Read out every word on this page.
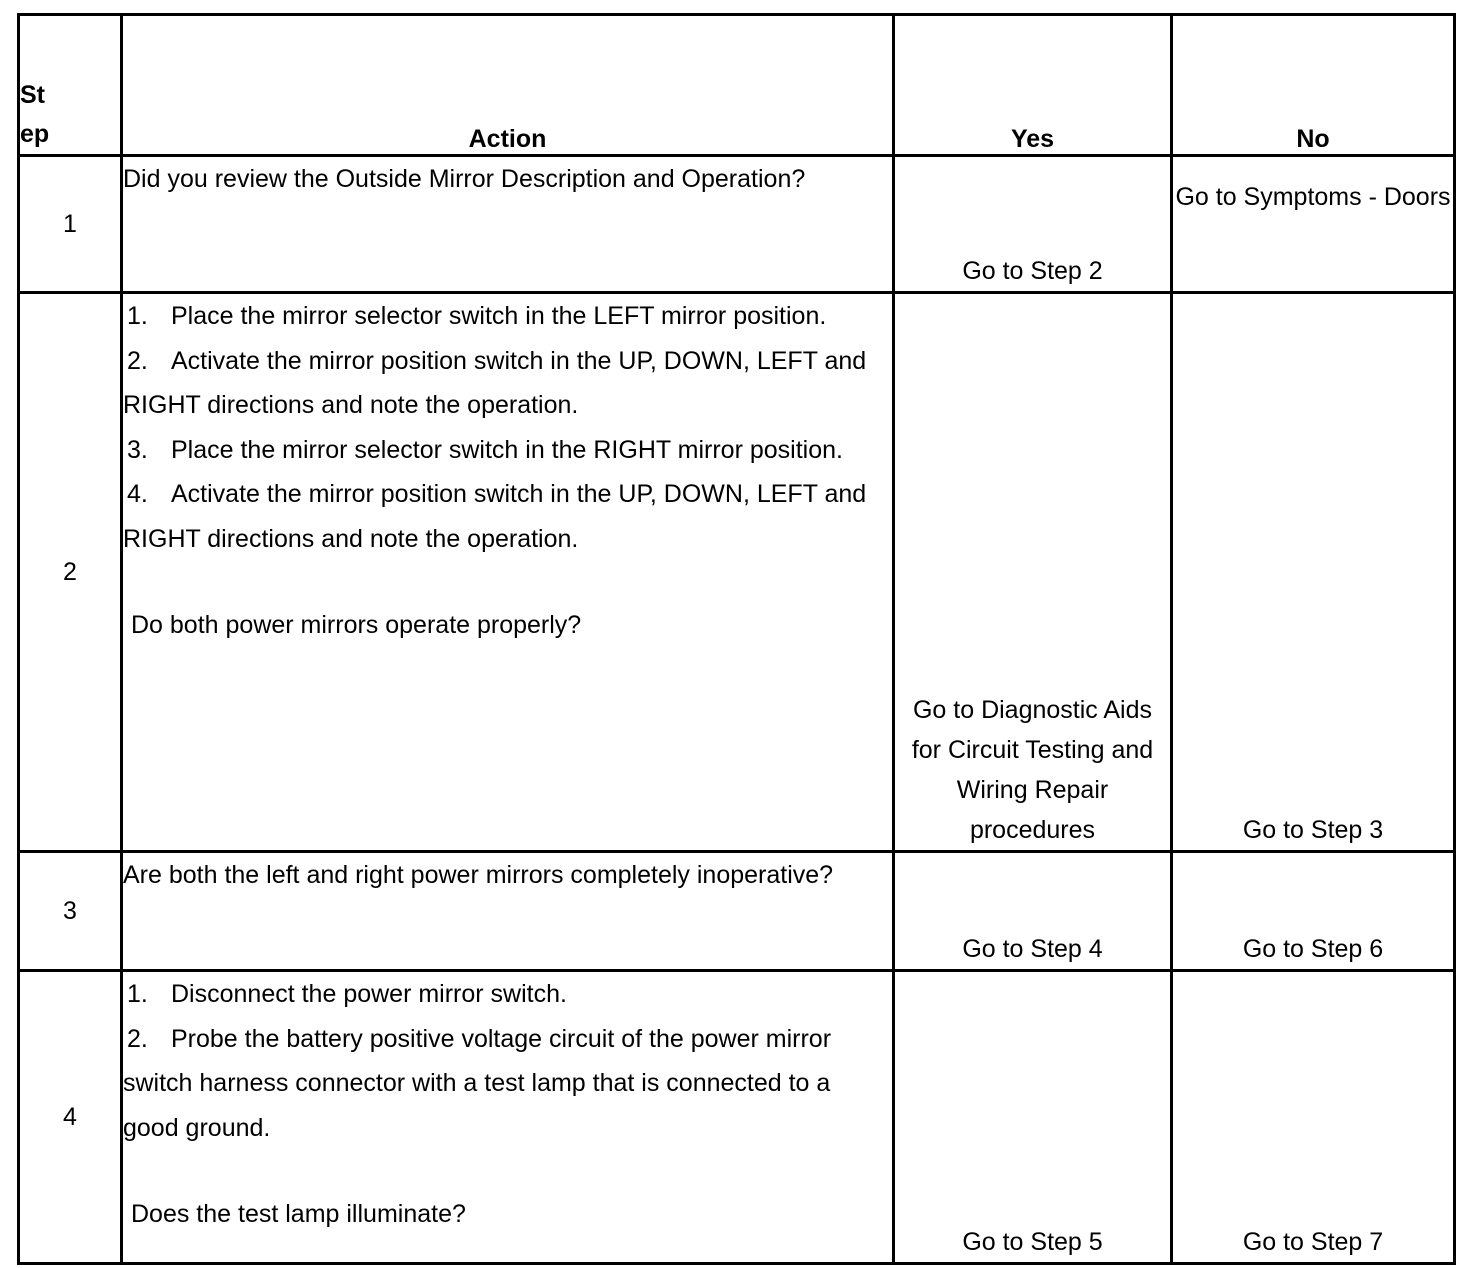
St
ep	Action	Yes	No
1	Did you review the Outside Mirror Description and Operation?	Go to Step 2	Go to Symptoms - Doors
2	1. Place the mirror selector switch in the LEFT mirror position.
2. Activate the mirror position switch in the UP, DOWN, LEFT and RIGHT directions and note the operation.
3. Place the mirror selector switch in the RIGHT mirror position.
4. Activate the mirror position switch in the UP, DOWN, LEFT and RIGHT directions and note the operation.
Do both power mirrors operate properly?	Go to Diagnostic Aids for Circuit Testing and Wiring Repair procedures	Go to Step 3
3	Are both the left and right power mirrors completely inoperative?	Go to Step 4	Go to Step 6
4	1. Disconnect the power mirror switch.
2. Probe the battery positive voltage circuit of the power mirror switch harness connector with a test lamp that is connected to a good ground.
Does the test lamp illuminate?	Go to Step 5	Go to Step 7
